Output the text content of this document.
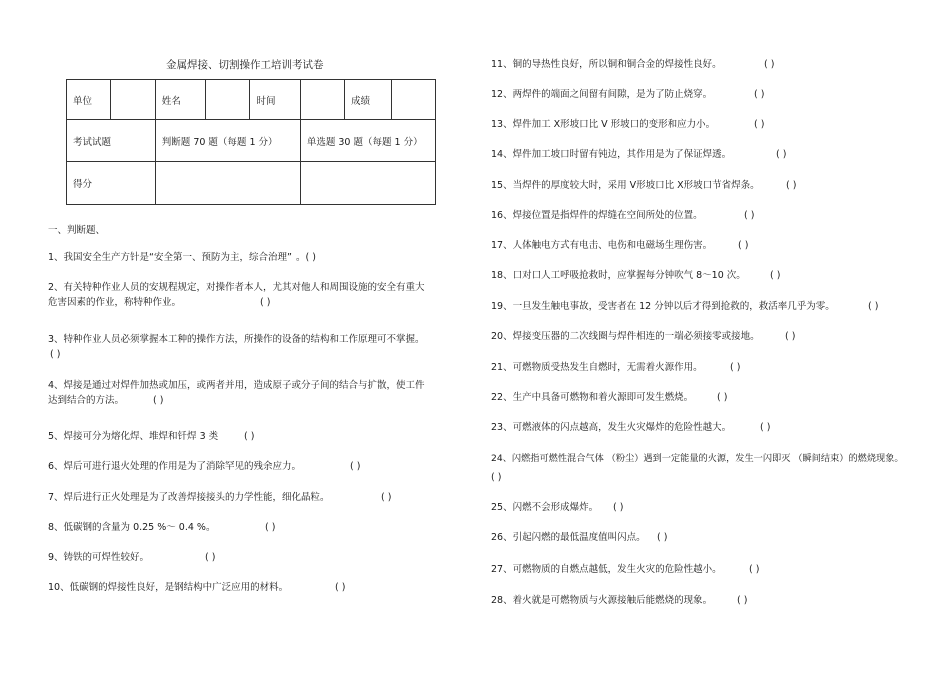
金属焊接、切割操作工培训考试卷
单位		姓名		时间		成绩	
考试试题		判断题 70 题（每题 1 分）			单选题 30 题（每题 1 分）		
得分							
一、判断题、
1、我国安全生产方针是“安全第一、预防为主，综合治理” 。( )
2、有关特种作业人员的安规程规定，对操作者本人，尤其对他人和周围设施的安全有重大
危害因素的作业，称特种作业。	( )
3、特种作业人员必须掌握本工种的操作方法，所操作的设备的结构和工作原理可不掌握。
( )
4、焊接是通过对焊件加热或加压，或两者并用，造成原子或分子间的结合与扩散，使工件
达到结合的方法。	( )
5、焊接可分为熔化焊、堆焊和钎焊 3 类	( )
6、焊后可进行退火处理的作用是为了消除罕见的残余应力。	( )
7、焊后进行正火处理是为了改善焊接接头的力学性能，细化晶粒。	( )
8、低碳钢的含量为 0.25 %～ 0.4 %。	( )
9、铸铁的可焊性较好。	( )
10、低碳钢的焊接性良好，是钢结构中广泛应用的材料。	( )
11、铜的导热性良好，所以铜和铜合金的焊接性良好。	( )
12、两焊件的端面之间留有间隙，是为了防止烧穿。	( )
13、焊件加工 X形坡口比 V 形坡口的变形和应力小。	( )
14、焊件加工坡口时留有钝边，其作用是为了保证焊透。	( )
15、当焊件的厚度较大时，采用 V形坡口比 X形坡口节省焊条。	( )
16、焊接位置是指焊件的焊缝在空间所处的位置。	( )
17、人体触电方式有电击、电伤和电磁场生理伤害。	( )
18、口对口人工呼吸抢救时，应掌握每分钟吹气 8～10 次。	( )
19、一旦发生触电事故，受害者在 12 分钟以后才得到抢救的，救活率几乎为零。	( )
20、焊接变压器的二次线圈与焊件相连的一端必须接零或接地。	( )
21、可燃物质受热发生自燃时，无需着火源作用。	( )
22、生产中具备可燃物和着火源即可发生燃烧。	( )
23、可燃液体的闪点越高，发生火灾爆炸的危险性越大。	( )
24、闪燃指可燃性混合气体 （粉尘）遇到一定能量的火源，发生一闪即灭 （瞬间结束）的燃烧现象。
( )
25、闪燃不会形成爆炸。 ( )
26、引起闪燃的最低温度值叫闪点。 ( )
27、可燃物质的自燃点越低，发生火灾的危险性越小。	( )
28、着火就是可燃物质与火源接触后能燃烧的现象。	( )
